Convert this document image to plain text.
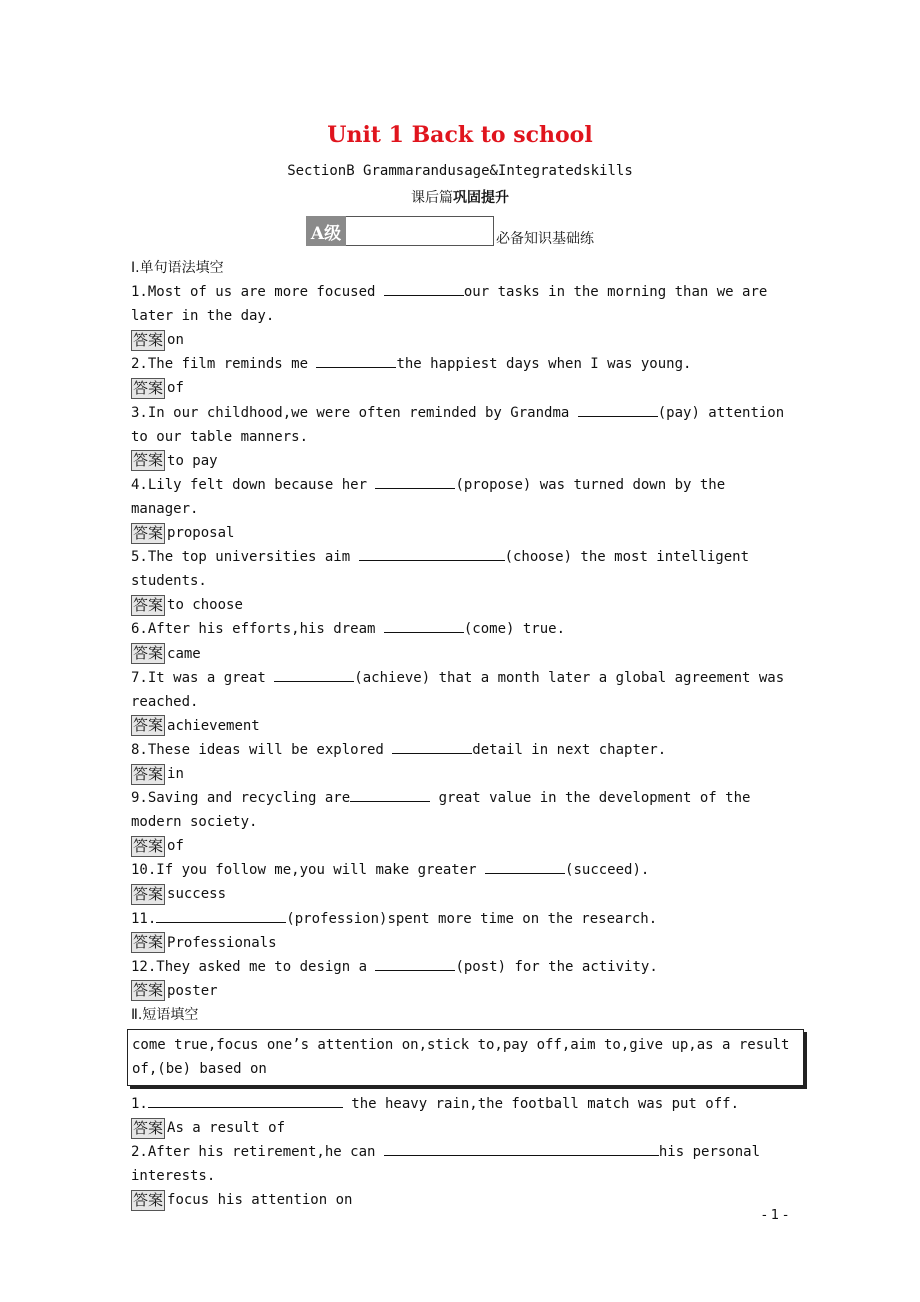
Unit 1 Back to school
SectionB Grammarandusage&Integratedskills
课后篇巩固提升
A级	必备知识基础练
Ⅰ.单句语法填空
1.Most of us are more focused	our tasks in the morning than we are later in the day.
答案 on
2.The film reminds me	the happiest days when I was young.
答案 of
3.In our childhood,we were often reminded by Grandma	(pay) attention to our table manners.
答案 to pay
4.Lily felt down because her	(propose) was turned down by the manager.
答案 proposal
5.The top universities aim	(choose) the most intelligent students.
答案 to choose
6.After his efforts,his dream	(come) true.
答案 came
7.It was a great	(achieve) that a month later a global agreement was reached.
答案 achievement
8.These ideas will be explored	detail in next chapter.
答案 in
9.Saving and recycling are	great value in the development of the modern society.
答案 of
10.If you follow me,you will make greater	(succeed).
答案 success
11.	(profession)spent more time on the research.
答案 Professionals
12.They asked me to design a	(post) for the activity.
答案 poster
Ⅱ.短语填空
come true,focus one’s attention on,stick to,pay off,aim to,give up,as a result of,(be) based on
1.	the heavy rain,the football match was put off.
答案 As a result of
2.After his retirement,he can	his personal interests.
答案 focus his attention on
- 1 -
